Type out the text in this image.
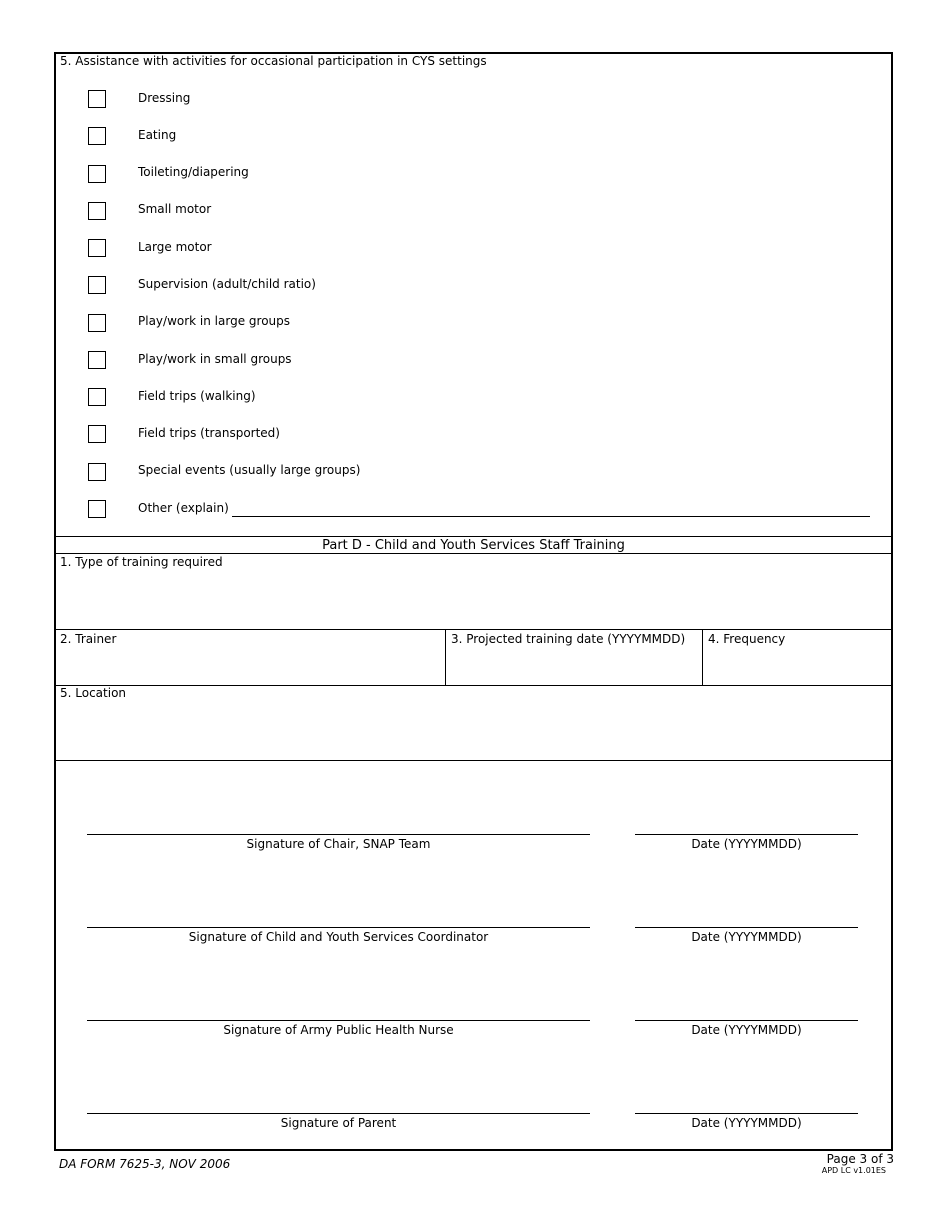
5. Assistance with activities for occasional participation in CYS settings
Dressing
Eating
Toileting/diapering
Small motor
Large motor
Supervision (adult/child ratio)
Play/work in large groups
Play/work in small groups
Field trips (walking)
Field trips (transported)
Special events (usually large groups)
Other (explain)
Part D - Child and Youth Services Staff Training
1. Type of training required
2. Trainer	3. Projected training date (YYYYMMDD) 4. Frequency
5. Location
Signature of Chair, SNAP Team	Date (YYYYMMDD)
Signature of Child and Youth Services Coordinator	Date (YYYYMMDD)
Signature of Army Public Health Nurse	Date (YYYYMMDD)
Signature of Parent	Date (YYYYMMDD)
DA FORM 7625-3, NOV 2006	Page 3 of 3
APD LC v1.01ES
